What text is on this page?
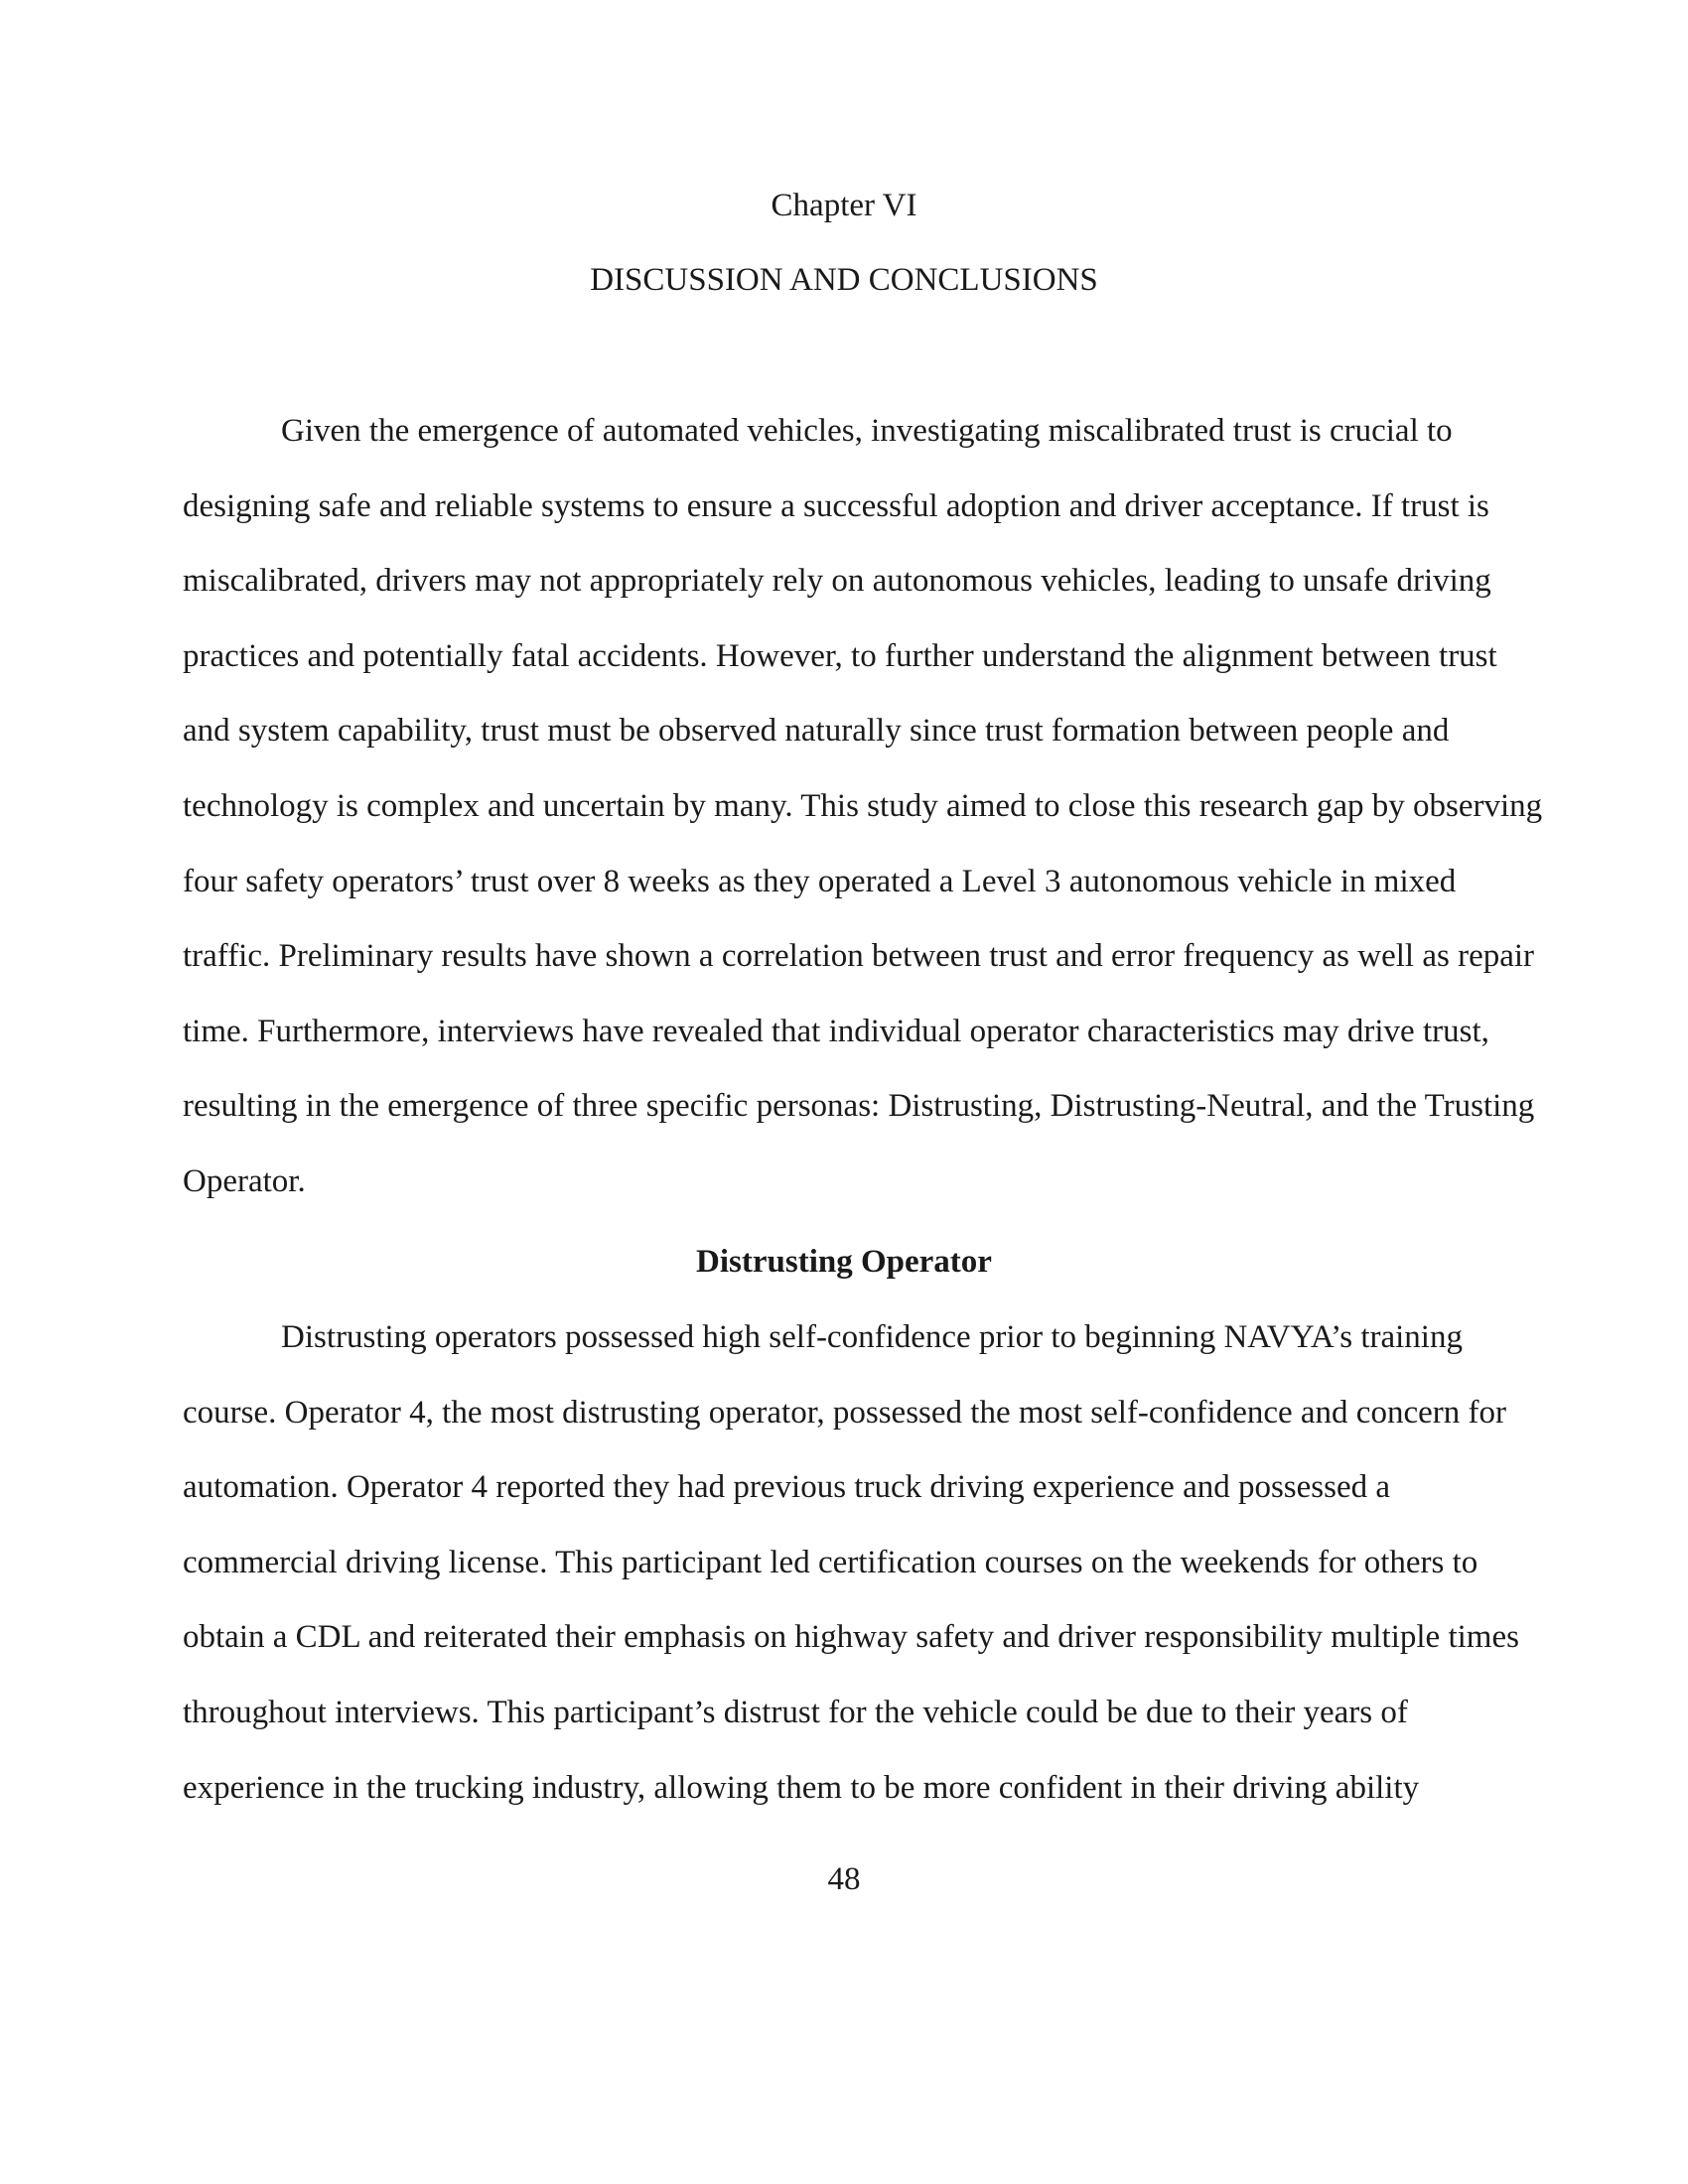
Chapter VI
DISCUSSION AND CONCLUSIONS
Given the emergence of automated vehicles, investigating miscalibrated trust is crucial to
designing safe and reliable systems to ensure a successful adoption and driver acceptance. If trust is
miscalibrated, drivers may not appropriately rely on autonomous vehicles, leading to unsafe driving
practices and potentially fatal accidents. However, to further understand the alignment between trust
and system capability, trust must be observed naturally since trust formation between people and
technology is complex and uncertain by many. This study aimed to close this research gap by observing
four safety operators’ trust over 8 weeks as they operated a Level 3 autonomous vehicle in mixed
traffic. Preliminary results have shown a correlation between trust and error frequency as well as repair
time. Furthermore, interviews have revealed that individual operator characteristics may drive trust,
resulting in the emergence of three specific personas: Distrusting, Distrusting-Neutral, and the Trusting
Operator.
Distrusting Operator
Distrusting operators possessed high self-confidence prior to beginning NAVYA’s training
course. Operator 4, the most distrusting operator, possessed the most self-confidence and concern for
automation. Operator 4 reported they had previous truck driving experience and possessed a
commercial driving license. This participant led certification courses on the weekends for others to
obtain a CDL and reiterated their emphasis on highway safety and driver responsibility multiple times
throughout interviews. This participant’s distrust for the vehicle could be due to their years of
experience in the trucking industry, allowing them to be more confident in their driving ability
48
